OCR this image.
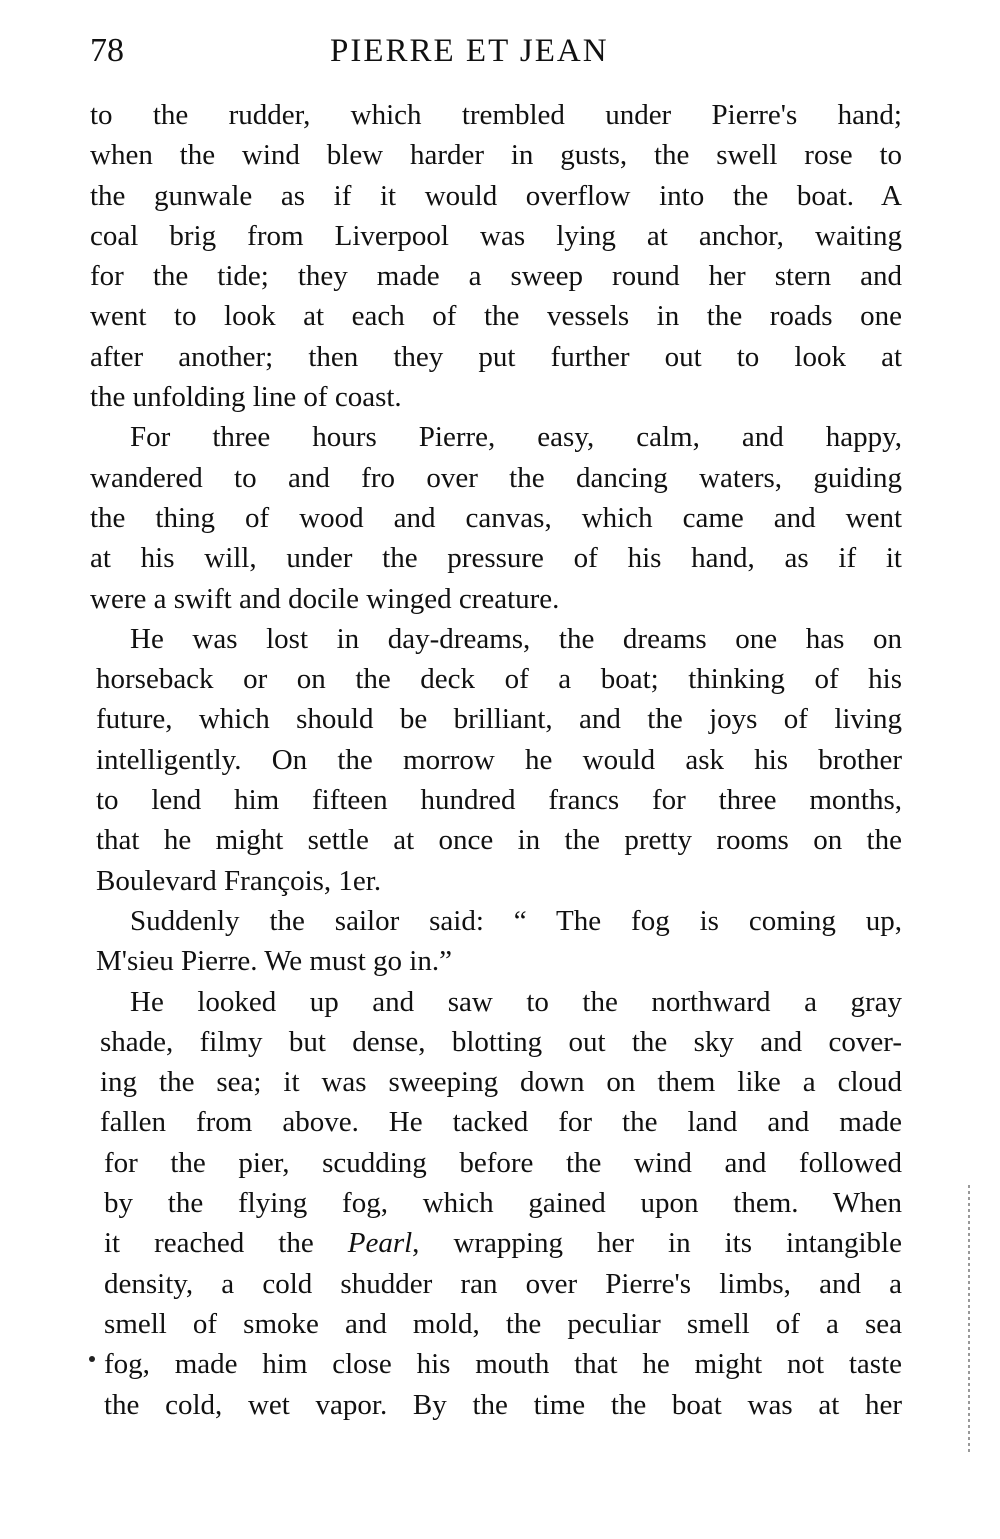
78	PIERRE ET JEAN
to the rudder, which trembled under Pierre's hand;
when the wind blew harder in gusts, the swell rose to
the gunwale as if it would overflow into the boat. A
coal brig from Liverpool was lying at anchor, waiting
for the tide; they made a sweep round her stern and
went to look at each of the vessels in the roads one
after another; then they put further out to look at
the unfolding line of coast.
For three hours Pierre, easy, calm, and happy,
wandered to and fro over the dancing waters, guiding
the thing of wood and canvas, which came and went
at his will, under the pressure of his hand, as if it
were a swift and docile winged creature.
He was lost in day-dreams, the dreams one has on
horseback or on the deck of a boat; thinking of his
future, which should be brilliant, and the joys of living
intelligently. On the morrow he would ask his brother
to lend him fifteen hundred francs for three months,
that he might settle at once in the pretty rooms on the
Boulevard François, 1er.
Suddenly the sailor said: “ The fog is coming up,
M'sieu Pierre. We must go in.”
He looked up and saw to the northward a gray
shade, filmy but dense, blotting out the sky and cover-
ing the sea; it was sweeping down on them like a cloud
fallen from above. He tacked for the land and made
for the pier, scudding before the wind and followed
by the flying fog, which gained upon them. When
it reached the Pearl, wrapping her in its intangible
density, a cold shudder ran over Pierre's limbs, and a
smell of smoke and mold, the peculiar smell of a sea
fog, made him close his mouth that he might not taste
the cold, wet vapor. By the time the boat was at her
